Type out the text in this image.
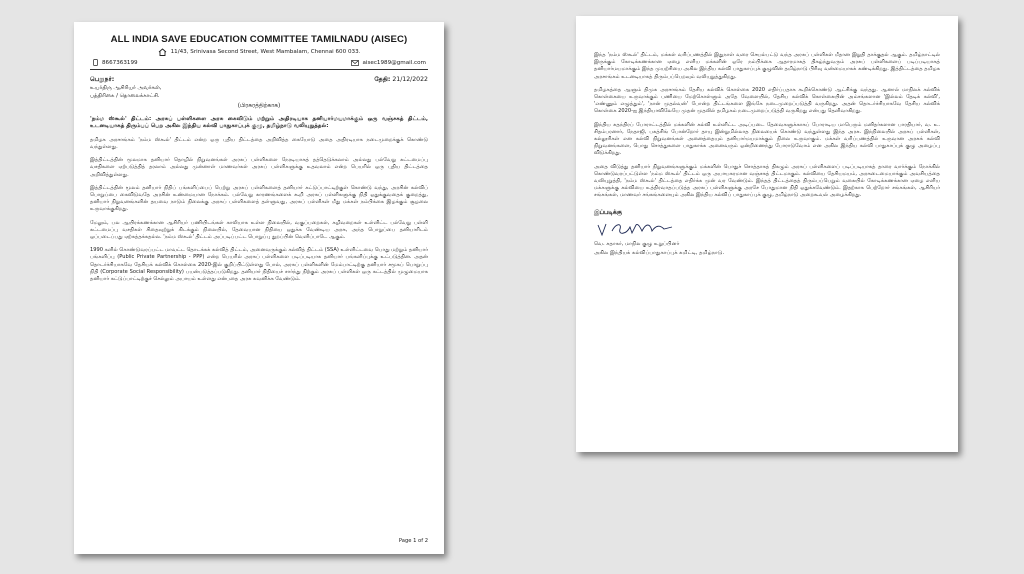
ALL INDIA SAVE EDUCATION COMMITTEE TAMILNADU (AISEC)
11/43, Srinivasa Second Street, West Mambalam, Chennai 600 033.
8667363199	aisec1989@gmail.com
பெறுநர்:
உயர்திரு ஆசிரியர் அவர்கள்,
பத்திரிகை / தொலைக்காட்சி.
தேதி: 21/12/2022
(பிரசுரத்திற்காக)
'நம்ம ஸ்கூல்' திட்டம்: அரசுப் பள்ளிகளை அரசு கைவிடும் மற்றும் அதிரடியாக தனியார்மயமாக்கும் ஒரு வஞ்சகத் திட்டம், உடனடியாகத் திரும்பப் பெற அகில இந்திய கல்வி பாதுகாப்புக் குழு, தமிழ்நாடு வலியுறுத்தல்:

தமிழக அரசாங்கம் 'நம்ம ஸ்கூல்' திட்டம் என்ற ஒரு புதிய திட்டத்தை அறிவித்த கையோடு அதை அதிரடியாக நடைமுறைக்குக் கொண்டு வந்துள்ளது.

இத்திட்டத்தின் மூலமாக தனியார் தொழில் நிறுவனங்கள் அரசுப் பள்ளிகளை நேரடியாகத் தத்தெடுக்கலாம் அல்லது பல்வேறு கட்டமைப்பு வசதிகளை ஏற்படுத்தித் தரலாம் அல்லது முன்னாள் மாணவர்கள் அரசுப் பள்ளிகளுக்கு உதவலாம் என்ற பெயரில் ஒரு புதிய திட்டத்தை அறிவித்துள்ளது.

இத்திட்டத்தின் மூலம் தனியார் நிதிப் பங்களிப்பைப் பெற்று அரசுப் பள்ளிகளைத் தனியார் கட்டுப்பாட்டிற்குள் கொண்டு வந்து, அரசின் கல்விப் பொறுப்பை கைவிடுவதே அரசின் உண்மையான நோக்கம். பல்வேறு காரணங்களைக் கூறி அரசுப் பள்ளிகளுக்கு நிதி ஒதுக்குவதைக் குறைத்து, தனியார் நிறுவனங்களின் தயவை நாடும் நிலைக்கு அரசுப் பள்ளிகளைத் தள்ளுவது, அரசுப் பள்ளிகள் மீது மக்கள் நம்பிக்கை இழக்கும் சூழலை உருவாக்குகிறது.

மேலும், பல ஆயிரக்கணக்கான ஆசிரியர் பணியிடங்கள் காலியாக உள்ள நிலையில், வகுப்பறைகள், கழிவறைகள் உள்ளிட்ட பல்வேறு பள்ளி கட்டமைப்பு வசதிகள் சிதைவுற்றுக் கிடக்கும் நிலையில், தேவையான நிதியை ஒதுக்க வேண்டிய அரசு, அந்த பொறுப்பை தனியாரிடம் ஒப்படைப்பது ஏற்கத்தக்கதல்ல. 'நம்ம ஸ்கூல்' திட்டம் அப்படிப்பட்ட பொறுப்பு துறப்பின் வெளிப்பாடே ஆகும்.

1990 களில் கொண்டுவரப்பட்ட மாவட்ட தொடக்கக் கல்வித் திட்டம், அனைவருக்கும் கல்வித் திட்டம் (SSA) உள்ளிட்டவை பொது மற்றும் தனியார் பங்களிப்பு (Public Private Partnership - PPP) என்ற பெயரில் அரசுப் பள்ளிகளை படிப்படியாக தனியார் பங்களிப்புக்கு உட்படுத்தின. அதன் தொடர்ச்சியாகவே தேசியக் கல்விக் கொள்கை 2020-இல் குறிப்பிட்டுள்ளது போல், அரசுப் பள்ளிகளின் மேம்பாட்டிற்கு தனியார் சமூகப் பொறுப்பு நிதி (Corporate Social Responsibility) பயன்படுத்தப்படுகிறது. தனியார் நிதியைச் சார்ந்து நிற்கும் அரசுப் பள்ளிகள் ஒரு கட்டத்தில் முழுமையாக தனியார் கட்டுப்பாட்டிற்குச் செல்லும் அபாயம் உள்ளது என்பதை அரசு கவனிக்க வேண்டும்.

Page 1 of 2

இந்த 'நம்ம ஸ்கூல்' திட்டம், மக்கள் வரிப்பணத்தில் இதுநாள் வரை செயல்பட்டு வந்த அரசுப் பள்ளிகள் மீதான இறுதி தாக்குதல் ஆகும். தமிழ்நாட்டில் இருக்கும் கோடிக்கணக்கான ஏழை எளிய மக்களின் ஒரே நம்பிக்கை ஆதாரமாகத் திகழ்ந்துவரும் அரசுப் பள்ளிகளைப் படிப்படியாகத் தனியார்மயமாக்கும் இந்த முயற்சியை அகில இந்திய கல்வி பாதுகாப்புக் குழுவின் தமிழ்நாடு பிரிவு வன்மையாகக் கண்டிக்கிறது. இத்திட்டத்தை தமிழக அரசாங்கம் உடனடியாகத் திரும்பப்பெறவும் வலியுறுத்துகிறது.

தமிழகத்தை ஆளும் திமுக அரசாங்கம் தேசிய கல்விக் கொள்கை 2020 எதிர்ப்பதாக கூறிக்கொண்டு ஆட்சிக்கு வந்தது. ஆனால் மாநிலக் கல்விக் கொள்கையை உருவாக்கும் பணியை மேற்கொள்ளும் அதே வேளையில், தேசிய கல்விக் கொள்கையின் அம்சங்களான 'இல்லம் தேடிக் கல்வி', 'எண்ணும் எழுத்தும்', 'நான் முதல்வன்' போன்ற திட்டங்களை இங்கே நடைமுறைப்படுத்தி வருகிறது. அதன் தொடர்ச்சியாகவே தேசிய கல்விக் கொள்கை 2020-ஐ இந்தியாவிலேயே முதன் முதலில் தமிழகம் நடைமுறைப்படுத்தி வருகிறது என்பது தெளிவாகிறது.

இந்திய சுதந்திரப் போராட்டத்தில் மக்களின் கல்வி உள்ளிட்ட அடிப்படை தேவைகளுக்காகப் போராடிய மாபெரும் மனிதர்களான பாரதியார், வ. உ. சிதம்பரனார், நேதாஜி, பகத்சிங் போன்றோர் தாயு இன்றுமில்லாத நிலையைக் கொண்டு வந்துள்ளது இந்த அரசு. இந்நிலையில் அரசுப் பள்ளிகள், கல்லூரிகள் என கல்வி நிறுவனங்கள் அனைத்தையும் தனியார்மயமாக்கும் நிலை உருவாகும். மக்கள் வரிப்பணத்தில் உருவான அரசுக் கல்வி நிறுவனங்களை, பொது சொத்துகளை பாதுகாக்க அனைவரும் ஒன்றிணைந்து போராடுவோம் என அகில இந்திய கல்வி பாதுகாப்புக் குழு அழைப்பு விடுக்கிறது.

அதை விடுத்து தனியார் நிறுவனங்களுக்கும் மக்களின் பொதுச் சொத்தாகத் திகழும் அரசுப் பள்ளிகளைப் படிப்படியாகத் தாரை வார்க்கும் நோக்கில் கொண்டுவரப்பட்டுள்ள 'நம்ம ஸ்கூல்' திட்டம் ஒரு அபாயகரமான வஞ்சகத் திட்டமாகும். கல்வியை தேசியமயம், அரசுடைமையாக்கும் அவசியத்தை வலியுறுத்தி, 'நம்ம ஸ்கூல்' திட்டத்தை எதிர்க்க முன் வர வேண்டும். இந்தத் திட்டத்தைத் திரும்பப்பெறும் வகையில் கோடிக்கணக்கான ஏழை எளிய மக்களுக்கு கல்வியை உத்திரவாதப்படுத்த அரசுப் பள்ளிகளுக்கு அரசே போதுமான நிதி ஒதுக்கவேண்டும். இதற்காக பெற்றோர் சங்கங்கள், ஆசிரியர் சங்கங்கள், மாணவர் சங்கங்களையும் அகில இந்திய கல்விப் பாதுகாப்புக் குழு, தமிழ்நாடு அறைகூவல் அழைக்கிறது.

இப்படிக்கு
வெ. சுதாகர், மாநில குழு உறுப்பினர்
அகில இந்தியக் கல்விப்பாதுகாப்புக் கமிட்டி, தமிழ்நாடு.
